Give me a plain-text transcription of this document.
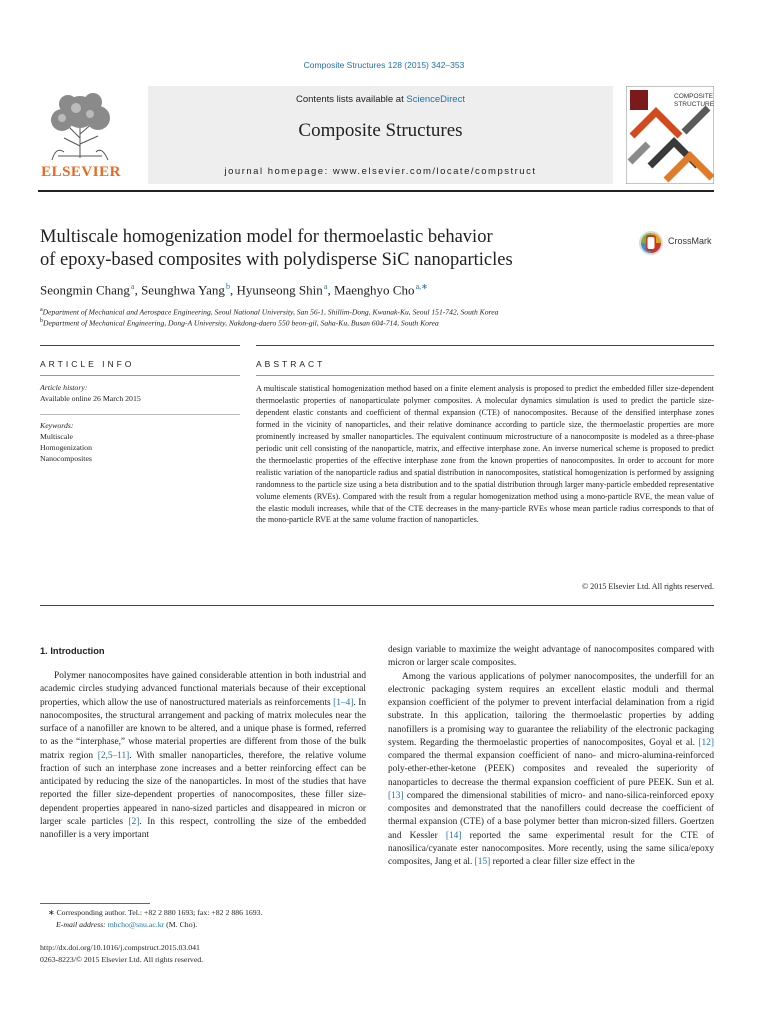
Composite Structures 128 (2015) 342–353
ELSEVIER
Contents lists available at ScienceDirect
Composite Structures
journal homepage: www.elsevier.com/locate/compstruct
COMPOSITE
STRUCTURES
Multiscale homogenization model for thermoelastic behavior
of epoxy-based composites with polydisperse SiC nanoparticles
CrossMark
Seongmin Chang $^a$, Seunghwa Yang $^b$, Hyunseong Shin $^a$, Maenghyo Cho $^{a,∗}$
$^a$Department of Mechanical and Aerospace Engineering, Seoul National University, San 56-1, Shillim-Dong, Kwanak-Ku, Seoul 151-742, South Korea
$^b$Department of Mechanical Engineering, Dong-A University, Nakdong-daero 550 beon-gil, Saha-Ku, Busan 604-714, South Korea
ARTICLE INFO	ABSTRACT
Article history:
Available online 26 March 2015
Keywords:
Multiscale
Homogenization
Nanocomposites
A multiscale statistical homogenization method based on a finite element analysis is proposed to predict the embedded filler size-dependent thermoelastic properties of nanoparticulate polymer composites. A molecular dynamics simulation is used to predict the particle size-dependent elastic constants and coefficient of thermal expansion (CTE) of nanocomposites. Because of the densified interphase zones formed in the vicinity of nanoparticles, and their relative dominance according to particle size, the thermoelastic properties are more prominently increased by smaller nanoparticles. The equivalent continuum microstructure of a nanocomposite is modeled as a three-phase periodic unit cell consisting of the nanoparticle, matrix, and effective interphase zone. An inverse numerical scheme is proposed to predict the thermoelastic properties of the effective interphase zone from the known properties of nanocomposites. In order to account for more realistic variation of the nanoparticle radius and spatial distribution in nanocomposites, statistical homogenization is performed by assigning randomness to the particle size using a beta distribution and to the spatial distribution through larger many-particle embedded representative volume elements (RVEs). Compared with the result from a regular homogenization method using a mono-particle RVE, the mean value of the elastic moduli increases, while that of the CTE decreases in the many-particle RVEs whose mean particle radius corresponds to that of the mono-particle RVE at the same volume fraction of nanoparticles.
© 2015 Elsevier Ltd. All rights reserved.
1. Introduction

Polymer nanocomposites have gained considerable attention in both industrial and academic circles studying advanced functional materials because of their exceptional properties, which allow the use of nanostructured materials as reinforcements [1–4]. In nanocomposites, the structural arrangement and packing of matrix molecules near the surface of a nanofiller are known to be altered, and a unique phase is formed, referred to as the “interphase,” whose material properties are different from those of the bulk matrix region [2,5–11]. With smaller nanoparticles, therefore, the relative volume fraction of such an interphase zone increases and a better reinforcing effect can be anticipated by reducing the size of the nanoparticles. In most of the studies that have reported the filler size-dependent properties of nanocomposites, these filler size-dependent properties appeared in nano-sized particles and disappeared in micron or larger scale particles [2]. In this respect, controlling the size of the embedded nanofiller is a very important

design variable to maximize the weight advantage of nanocomposites compared with micron or larger scale composites.

Among the various applications of polymer nanocomposites, the underfill for an electronic packaging system requires an excellent elastic moduli and thermal expansion coefficient of the polymer to prevent interfacial delamination from a rigid substrate. In this application, tailoring the thermoelastic properties by adding nanofillers is a promising way to guarantee the reliability of the electronic packaging system. Regarding the thermoelastic properties of nanocomposites, Goyal et al. [12] compared the thermal expansion coefficient of nano- and micro-alumina-reinforced poly-ether-ether-ketone (PEEK) composites and revealed the superiority of nanoparticles to decrease the thermal expansion coefficient of pure PEEK. Sun et al. [13] compared the dimensional stabilities of micro- and nano-silica-reinforced epoxy composites and demonstrated that the nanofillers could decrease the coefficient of thermal expansion (CTE) of a base polymer better than micron-sized fillers. Goertzen and Kessler [14] reported the same experimental result for the CTE of nanosilica/cyanate ester nanocomposites. More recently, using the same silica/epoxy composites, Jang et al. [15] reported a clear filler size effect in the

∗ Corresponding author. Tel.: +82 2 880 1693; fax: +82 2 886 1693.
E-mail address: mhcho@snu.ac.kr (M. Cho).
http://dx.doi.org/10.1016/j.compstruct.2015.03.041
0263-8223/© 2015 Elsevier Ltd. All rights reserved.
